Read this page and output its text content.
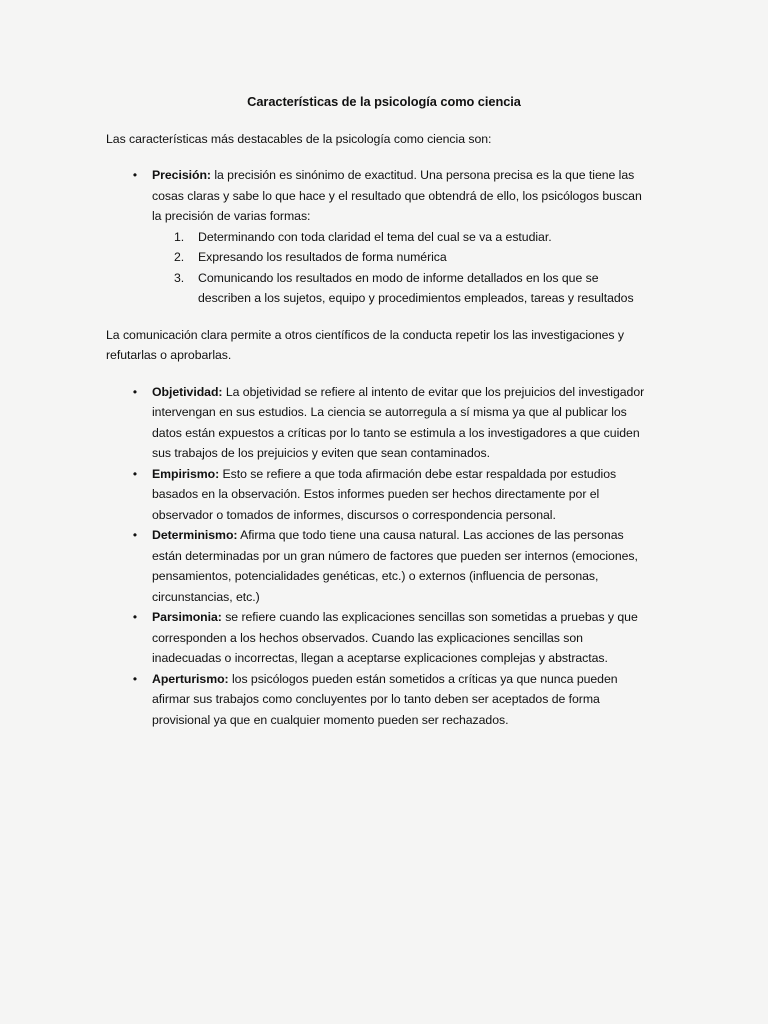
Características de la psicología como ciencia
Las características más destacables de la psicología como ciencia son:
• Precisión: la precisión es sinónimo de exactitud. Una persona precisa es la que tiene las cosas claras y sabe lo que hace y el resultado que obtendrá de ello, los psicólogos buscan la precisión de varias formas:
1. Determinando con toda claridad el tema del cual se va a estudiar.
2. Expresando los resultados de forma numérica
3. Comunicando los resultados en modo de informe detallados en los que se describen a los sujetos, equipo y procedimientos empleados, tareas y resultados
La comunicación clara permite a otros científicos de la conducta repetir los las investigaciones y refutarlas o aprobarlas.
• Objetividad: La objetividad se refiere al intento de evitar que los prejuicios del investigador intervengan en sus estudios. La ciencia se autorregula a sí misma ya que al publicar los datos están expuestos a críticas por lo tanto se estimula a los investigadores a que cuiden sus trabajos de los prejuicios y eviten que sean contaminados.
• Empirismo: Esto se refiere a que toda afirmación debe estar respaldada por estudios basados en la observación. Estos informes pueden ser hechos directamente por el observador o tomados de informes, discursos o correspondencia personal.
• Determinismo: Afirma que todo tiene una causa natural. Las acciones de las personas están determinadas por un gran número de factores que pueden ser internos (emociones, pensamientos, potencialidades genéticas, etc.) o externos (influencia de personas, circunstancias, etc.)
• Parsimonia: se refiere cuando las explicaciones sencillas son sometidas a pruebas y que corresponden a los hechos observados. Cuando las explicaciones sencillas son inadecuadas o incorrectas, llegan a aceptarse explicaciones complejas y abstractas.
• Aperturismo: los psicólogos pueden están sometidos a críticas ya que nunca pueden afirmar sus trabajos como concluyentes por lo tanto deben ser aceptados de forma provisional ya que en cualquier momento pueden ser rechazados.
